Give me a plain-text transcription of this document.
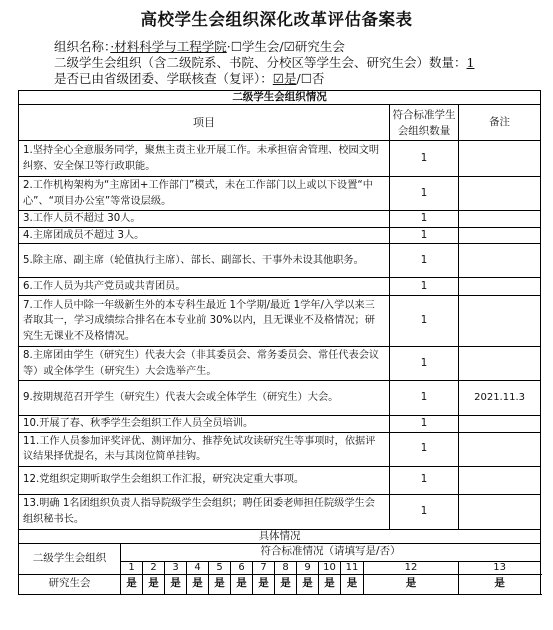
高校学生会组织深化改革评估备案表
组织名称：·材料科学与工程学院·☐学生会/☑研究生会
二级学生会组织（含二级院系、书院、分校区等学生会、研究生会）数量：1
是否已由省级团委、学联核查（复评）：☑是/☐否
二级学生会组织情况														
项目													符合标准学生会组织数量	备注
1.坚持全心全意服务同学，聚焦主责主业开展工作。未承担宿舍管理、校园文明纠察、安全保卫等行政职能。													1	
2.工作机构架构为“主席团+工作部门”模式，未在工作部门以上或以下设置“中心”、“项目办公室”等常设层级。													1	
3.工作人员不超过 30人。													1	
4.主席团成员不超过 3人。													1	
5.除主席、副主席（轮值执行主席）、部长、副部长、干事外未设其他职务。													1	
6.工作人员为共产党员或共青团员。													1	
7.工作人员中除一年级新生外的本专科生最近 1个学期/最近 1学年/入学以来三者取其一，学习成绩综合排名在本专业前 30%以内，且无课业不及格情况；研究生无课业不及格情况。													1	
8.主席团由学生（研究生）代表大会（非其委员会、常务委员会、常任代表会议等）或全体学生（研究生）大会选举产生。													1	
9.按期规范召开学生（研究生）代表大会或全体学生（研究生）大会。													1	2021.11.3
10.开展了春、秋季学生会组织工作人员全员培训。													1	
11.工作人员参加评奖评优、测评加分、推荐免试攻读研究生等事项时，依据评议结果择优提名，未与其岗位简单挂钩。													1	
12.党组织定期听取学生会组织工作汇报，研究决定重大事项。													1	
13.明确 1名团组织负责人指导院级学生会组织；聘任团委老师担任院级学生会组织秘书长。													1	
具体情况														
二级学生会组织	符合标准情况（请填写是/否）													
	1	2	3	4	5	6	7	8	9	10	11	12		13
研究生会	是	是	是	是	是	是	是	是	是	是	是	是		是
